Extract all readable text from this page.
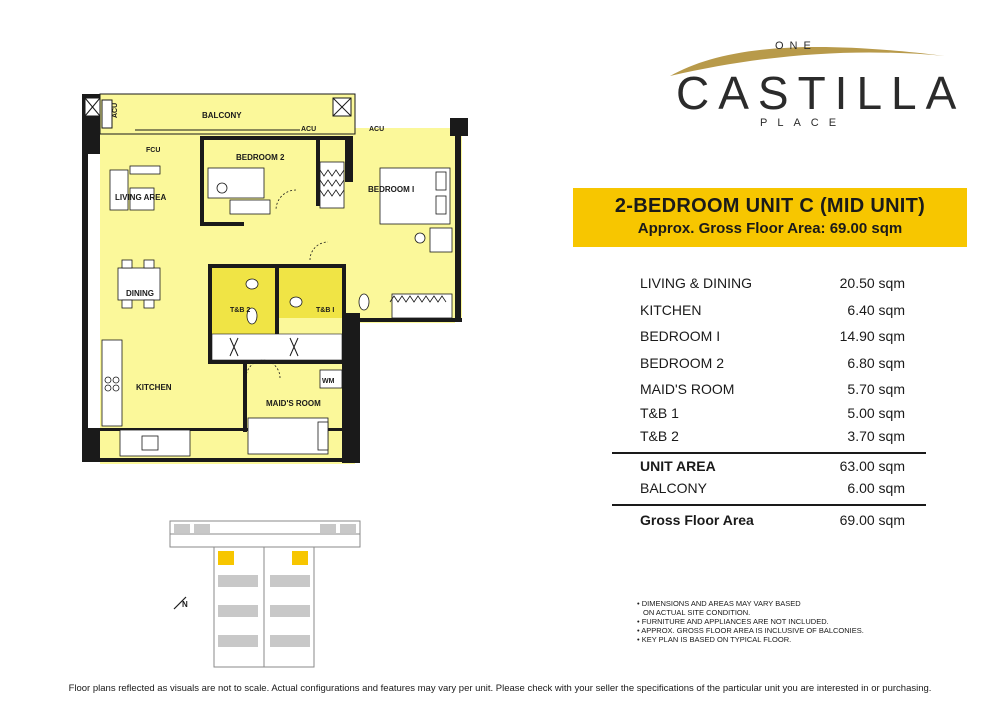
ONE
CASTILLA
PLACE
2-BEDROOM UNIT C (MID UNIT)
Approx. Gross Floor Area: 69.00 sqm
LIVING & DINING	20.50 sqm
KITCHEN	6.40 sqm
BEDROOM I	14.90 sqm
BEDROOM 2	6.80 sqm
MAID'S ROOM	5.70 sqm
T&B 1	5.00 sqm
T&B 2	3.70 sqm
UNIT AREA	63.00 sqm
BALCONY	6.00 sqm
Gross Floor Area	69.00 sqm
• DIMENSIONS AND AREAS MAY VARY BASED
ON ACTUAL SITE CONDITION.
• FURNITURE AND APPLIANCES ARE NOT INCLUDED.
• APPROX. GROSS FLOOR AREA IS INCLUSIVE OF BALCONIES.
• KEY PLAN IS BASED ON TYPICAL FLOOR.
Floor plans reflected as visuals are not to scale. Actual configurations and features may vary per unit. Please check with your seller the specifications of the particular unit you are interested in or purchasing.
BALCONY
ACU
ACU	ACU
FCU
LIVING AREA
DINING
KITCHEN
BEDROOM 2
BEDROOM I
T&B 2	T&B I
WM
MAID'S ROOM
N
